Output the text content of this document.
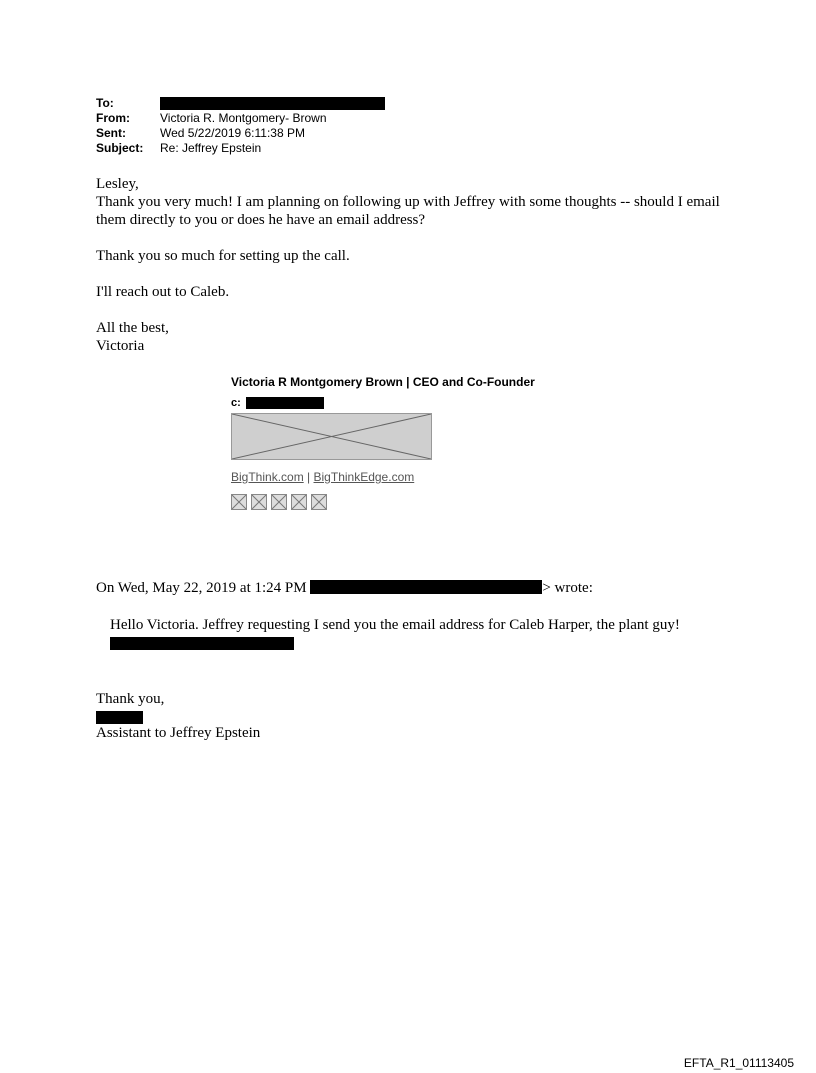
To:
From:	Victoria R. Montgomery- Brown
Sent:	Wed 5/22/2019 6:11:38 PM
Subject:	Re: Jeffrey Epstein

Lesley,

Thank you very much! I am planning on following up with Jeffrey with some thoughts -- should I email them directly to you or does he have an email address?

Thank you so much for setting up the call.

I'll reach out to Caleb.

All the best,

Victoria

Victoria R Montgomery Brown | CEO and Co-Founder
c:
BigThink.com | BigThinkEdge.com
On Wed, May 22, 2019 at 1:24 PM	> wrote:

Hello Victoria. Jeffrey requesting I send you the email address for Caleb Harper, the plant guy!

Thank you,

Assistant to Jeffrey Epstein

EFTA_R1_01113405
